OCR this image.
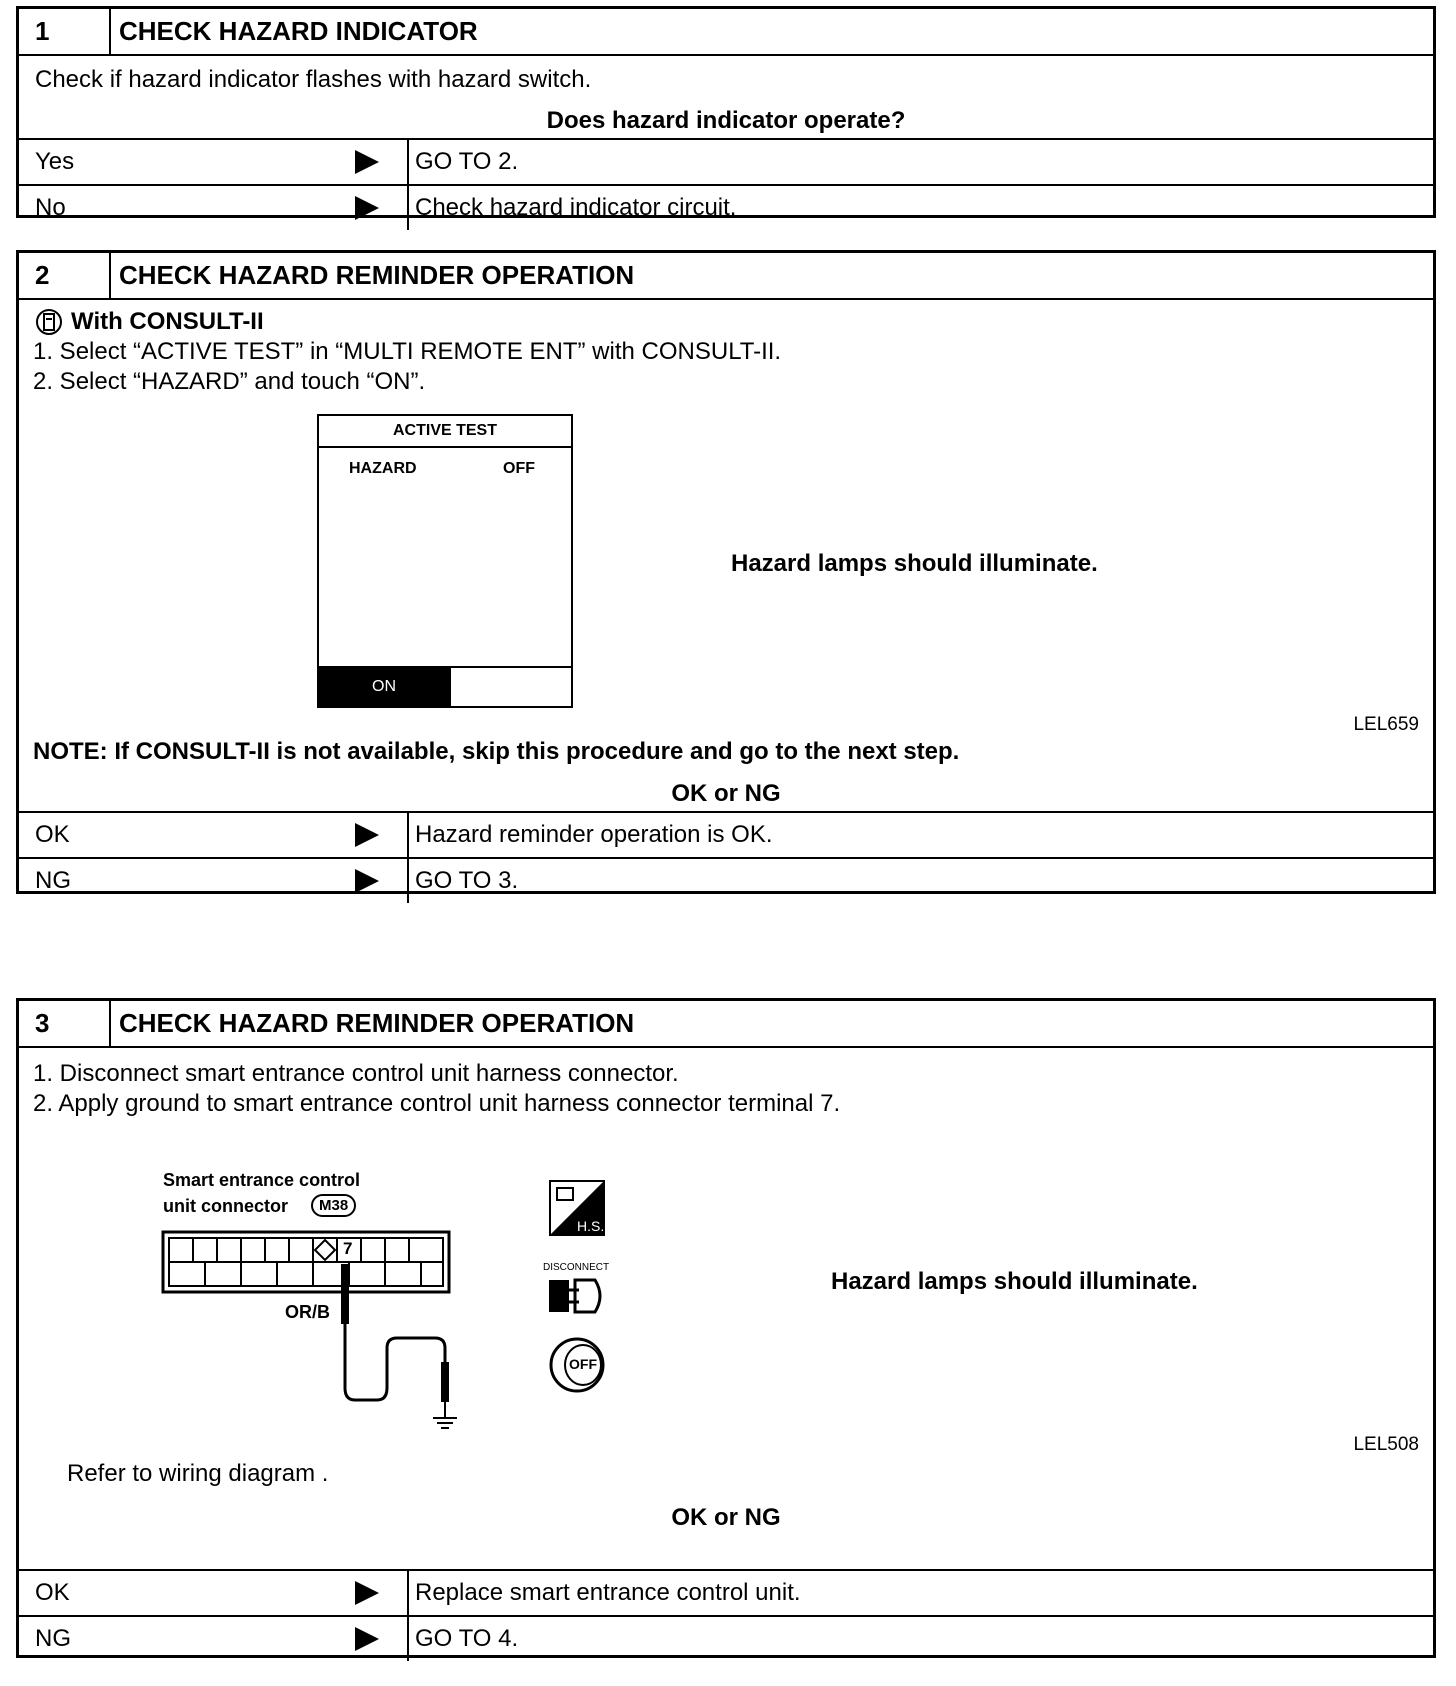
1	CHECK HAZARD INDICATOR
Check if hazard indicator flashes with hazard switch.
Does hazard indicator operate?
Yes	GO TO 2.
No	Check hazard indicator circuit.
2	CHECK HAZARD REMINDER OPERATION
With CONSULT-II
1. Select “ACTIVE TEST” in “MULTI REMOTE ENT” with CONSULT-II.
2. Select “HAZARD” and touch “ON”.
ACTIVE TEST
HAZARD	OFF
ON
Hazard lamps should illuminate.
LEL659
NOTE: If CONSULT-II is not available, skip this procedure and go to the next step.
OK or NG
OK	Hazard reminder operation is OK.
NG	GO TO 3.
3	CHECK HAZARD REMINDER OPERATION
1. Disconnect smart entrance control unit harness connector.
2. Apply ground to smart entrance control unit harness connector terminal 7.
Smart entrance control
unit connector	M38
7
OR/B
H.S.
DISCONNECT
OFF
Hazard lamps should illuminate.
LEL508
Refer to wiring diagram .
OK or NG
OK	Replace smart entrance control unit.
NG	GO TO 4.
